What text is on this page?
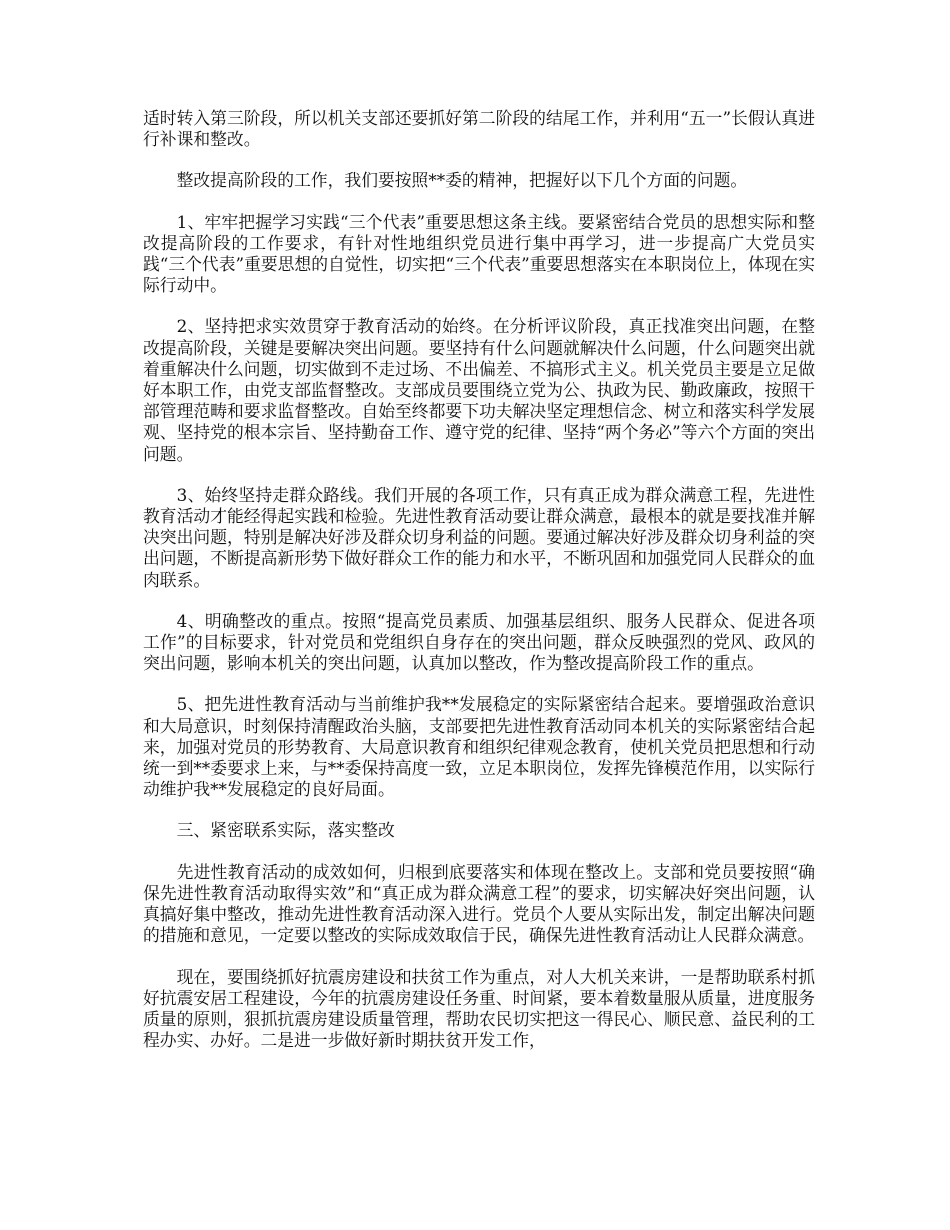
适时转入第三阶段，所以机关支部还要抓好第二阶段的结尾工作，并利用“五一”长假认真进行补课和整改。

整改提高阶段的工作，我们要按照**委的精神，把握好以下几个方面的问题。

1、牢牢把握学习实践“三个代表”重要思想这条主线。要紧密结合党员的思想实际和整改提高阶段的工作要求，有针对性地组织党员进行集中再学习，进一步提高广大党员实践“三个代表”重要思想的自觉性，切实把“三个代表”重要思想落实在本职岗位上，体现在实际行动中。

2、坚持把求实效贯穿于教育活动的始终。在分析评议阶段，真正找准突出问题，在整改提高阶段，关键是要解决突出问题。要坚持有什么问题就解决什么问题，什么问题突出就着重解决什么问题，切实做到不走过场、不出偏差、不搞形式主义。机关党员主要是立足做好本职工作，由党支部监督整改。支部成员要围绕立党为公、执政为民、勤政廉政，按照干部管理范畴和要求监督整改。自始至终都要下功夫解决坚定理想信念、树立和落实科学发展观、坚持党的根本宗旨、坚持勤奋工作、遵守党的纪律、坚持“两个务必”等六个方面的突出问题。

3、始终坚持走群众路线。我们开展的各项工作，只有真正成为群众满意工程，先进性教育活动才能经得起实践和检验。先进性教育活动要让群众满意，最根本的就是要找准并解决突出问题，特别是解决好涉及群众切身利益的问题。要通过解决好涉及群众切身利益的突出问题，不断提高新形势下做好群众工作的能力和水平，不断巩固和加强党同人民群众的血肉联系。

4、明确整改的重点。按照“提高党员素质、加强基层组织、服务人民群众、促进各项工作”的目标要求，针对党员和党组织自身存在的突出问题，群众反映强烈的党风、政风的突出问题，影响本机关的突出问题，认真加以整改，作为整改提高阶段工作的重点。

5、把先进性教育活动与当前维护我**发展稳定的实际紧密结合起来。要增强政治意识和大局意识，时刻保持清醒政治头脑，支部要把先进性教育活动同本机关的实际紧密结合起来，加强对党员的形势教育、大局意识教育和组织纪律观念教育，使机关党员把思想和行动统一到**委要求上来，与**委保持高度一致，立足本职岗位，发挥先锋模范作用，以实际行动维护我**发展稳定的良好局面。

三、紧密联系实际，落实整改

先进性教育活动的成效如何，归根到底要落实和体现在整改上。支部和党员要按照“确保先进性教育活动取得实效”和“真正成为群众满意工程”的要求，切实解决好突出问题，认真搞好集中整改，推动先进性教育活动深入进行。党员个人要从实际出发，制定出解决问题的措施和意见，一定要以整改的实际成效取信于民，确保先进性教育活动让人民群众满意。

现在，要围绕抓好抗震房建设和扶贫工作为重点，对人大机关来讲，一是帮助联系村抓好抗震安居工程建设，今年的抗震房建设任务重、时间紧，要本着数量服从质量，进度服务质量的原则，狠抓抗震房建设质量管理，帮助农民切实把这一得民心、顺民意、益民利的工程办实、办好。二是进一步做好新时期扶贫开发工作，
